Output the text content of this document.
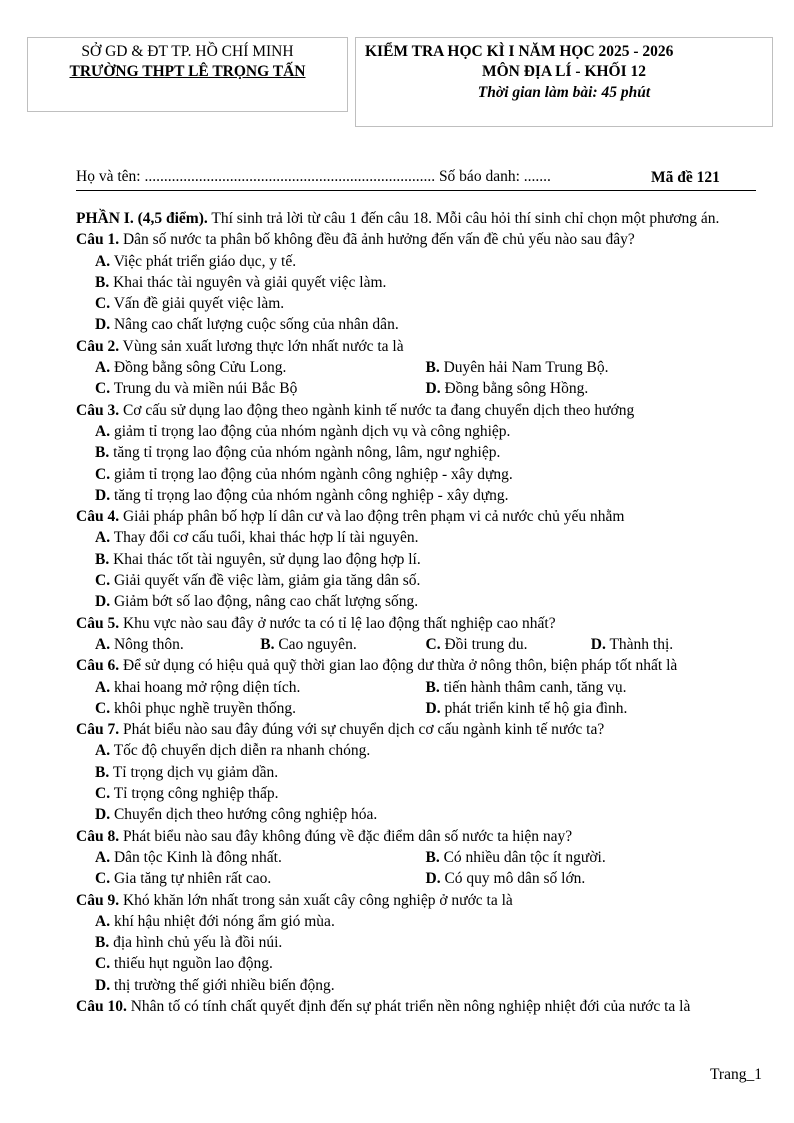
SỞ GD & ĐT TP. HỒ CHÍ MINH
TRƯỜNG THPT LÊ TRỌNG TẤN
KIỂM TRA HỌC KÌ I NĂM HỌC 2025 - 2026
MÔN ĐỊA LÍ - KHỐI 12
Thời gian làm bài: 45 phút
Họ và tên: ........................................................................... Số báo danh: .......	Mã đề 121

PHẦN I. (4,5 điểm). Thí sinh trả lời từ câu 1 đến câu 18. Mỗi câu hỏi thí sinh chỉ chọn một phương án.

Câu 1. Dân số nước ta phân bố không đều đã ảnh hưởng đến vấn đề chủ yếu nào sau đây?

A. Việc phát triển giáo dục, y tế.

B. Khai thác tài nguyên và giải quyết việc làm.

C. Vấn đề giải quyết việc làm.

D. Nâng cao chất lượng cuộc sống của nhân dân.

Câu 2. Vùng sản xuất lương thực lớn nhất nước ta là

A. Đồng bằng sông Cửu Long.	B. Duyên hải Nam Trung Bộ.

C. Trung du và miền núi Bắc Bộ	D. Đồng bằng sông Hồng.

Câu 3. Cơ cấu sử dụng lao động theo ngành kinh tế nước ta đang chuyển dịch theo hướng

A. giảm tỉ trọng lao động của nhóm ngành dịch vụ và công nghiệp.

B. tăng tỉ trọng lao động của nhóm ngành nông, lâm, ngư nghiệp.

C. giảm tỉ trọng lao động của nhóm ngành công nghiệp - xây dựng.

D. tăng tỉ trọng lao động của nhóm ngành công nghiệp - xây dựng.

Câu 4. Giải pháp phân bố hợp lí dân cư và lao động trên phạm vi cả nước chủ yếu nhằm

A. Thay đổi cơ cấu tuổi, khai thác hợp lí tài nguyên.

B. Khai thác tốt tài nguyên, sử dụng lao động hợp lí.

C. Giải quyết vấn đề việc làm, giảm gia tăng dân số.

D. Giảm bớt số lao động, nâng cao chất lượng sống.

Câu 5. Khu vực nào sau đây ở nước ta có tỉ lệ lao động thất nghiệp cao nhất?

A. Nông thôn.	B. Cao nguyên.	C. Đồi trung du.	D. Thành thị.

Câu 6. Để sử dụng có hiệu quả quỹ thời gian lao động dư thừa ở nông thôn, biện pháp tốt nhất là

A. khai hoang mở rộng diện tích.	B. tiến hành thâm canh, tăng vụ.

C. khôi phục nghề truyền thống.	D. phát triển kinh tế hộ gia đình.

Câu 7. Phát biểu nào sau đây đúng với sự chuyển dịch cơ cấu ngành kinh tế nước ta?

A. Tốc độ chuyển dịch diễn ra nhanh chóng.

B. Tỉ trọng dịch vụ giảm dần.

C. Tỉ trọng công nghiệp thấp.

D. Chuyển dịch theo hướng công nghiệp hóa.

Câu 8. Phát biểu nào sau đây không đúng về đặc điểm dân số nước ta hiện nay?

A. Dân tộc Kinh là đông nhất.	B. Có nhiều dân tộc ít người.

C. Gia tăng tự nhiên rất cao.	D. Có quy mô dân số lớn.

Câu 9. Khó khăn lớn nhất trong sản xuất cây công nghiệp ở nước ta là

A. khí hậu nhiệt đới nóng ẩm gió mùa.

B. địa hình chủ yếu là đồi núi.

C. thiếu hụt nguồn lao động.

D. thị trường thế giới nhiều biến động.

Câu 10. Nhân tố có tính chất quyết định đến sự phát triển nền nông nghiệp nhiệt đới của nước ta là

Trang_1
